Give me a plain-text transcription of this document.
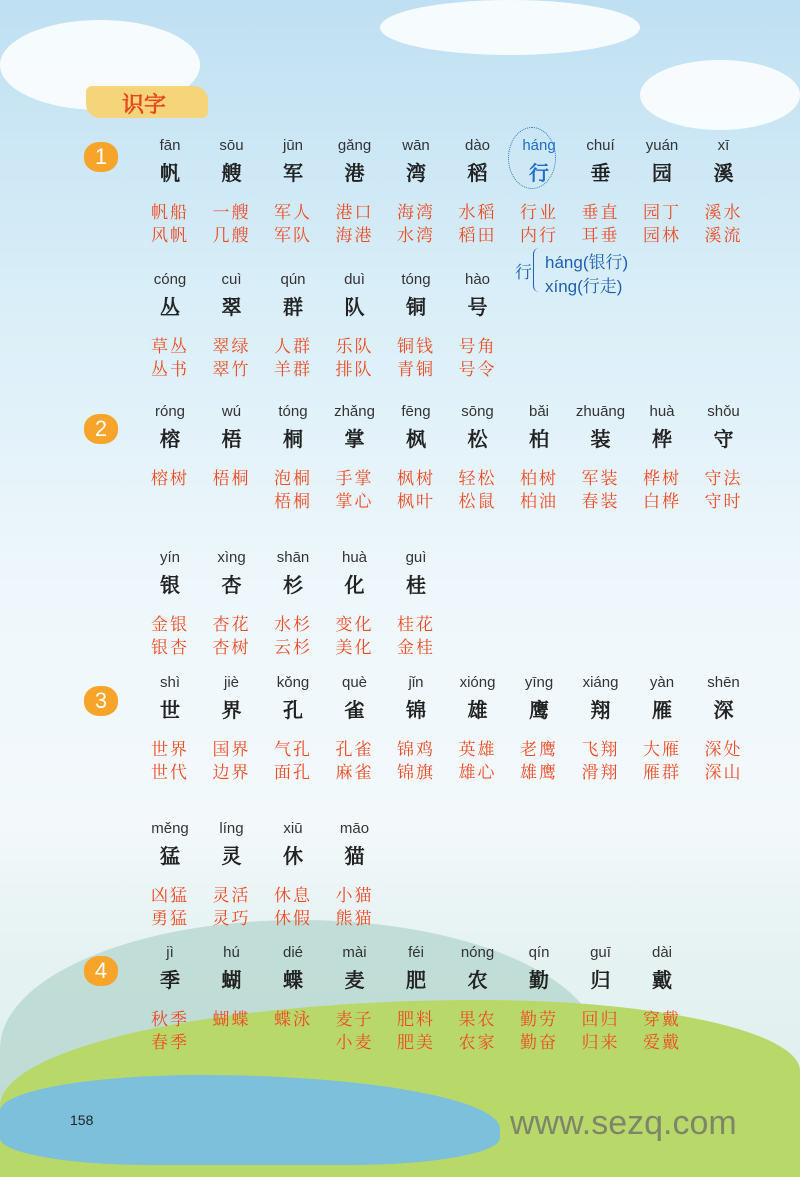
识字
行
háng(银行)
xíng(行走)
1	fān
帆
帆船
风帆
sōu
艘
一艘
几艘
jūn
军
军人
军队
gǎng
港
港口
海港
wān
湾
海湾
水湾
dào
稻
水稻
稻田
háng
行
行业
内行
chuí
垂
垂直
耳垂
yuán
园
园丁
园林
xī
溪
溪水
溪流
cóng
丛
草丛
丛书
cuì
翠
翠绿
翠竹
qún
群
人群
羊群
duì
队
乐队
排队
tóng
铜
铜钱
青铜
hào
号
号角
号令
2
róng
榕
榕树
wú
梧
梧桐
tóng
桐
泡桐
梧桐
zhǎng
掌
手掌
掌心
fēng
枫
枫树
枫叶
sōng
松
轻松
松鼠
bǎi
柏
柏树
柏油
zhuāng
装
军装
春装
huà
桦
桦树
白桦
shǒu
守
守法
守时
yín
银
金银
银杏
xìng
杏
杏花
杏树
shān
杉
水杉
云杉
huà
化
变化
美化
guì
桂
桂花
金桂
3
shì
世
世界
世代
jiè
界
国界
边界
kǒng
孔
气孔
面孔
què
雀
孔雀
麻雀
jǐn
锦
锦鸡
锦旗
xióng
雄
英雄
雄心
yīng
鹰
老鹰
雄鹰
xiáng
翔
飞翔
滑翔
yàn
雁
大雁
雁群
shēn
深
深处
深山
měng
猛
凶猛
勇猛
líng
灵
灵活
灵巧
xiū
休
休息
休假
māo
猫
小猫
熊猫
4
jì
季
秋季
春季
hú
蝴
蝴蝶
dié
蝶
蝶泳
mài
麦
麦子
小麦
féi
肥
肥料
肥美
nóng
农
果农
农家
qín
勤
勤劳
勤奋
guī
归
回归
归来
dài
戴
穿戴
爱戴
158	www.sezq.com
